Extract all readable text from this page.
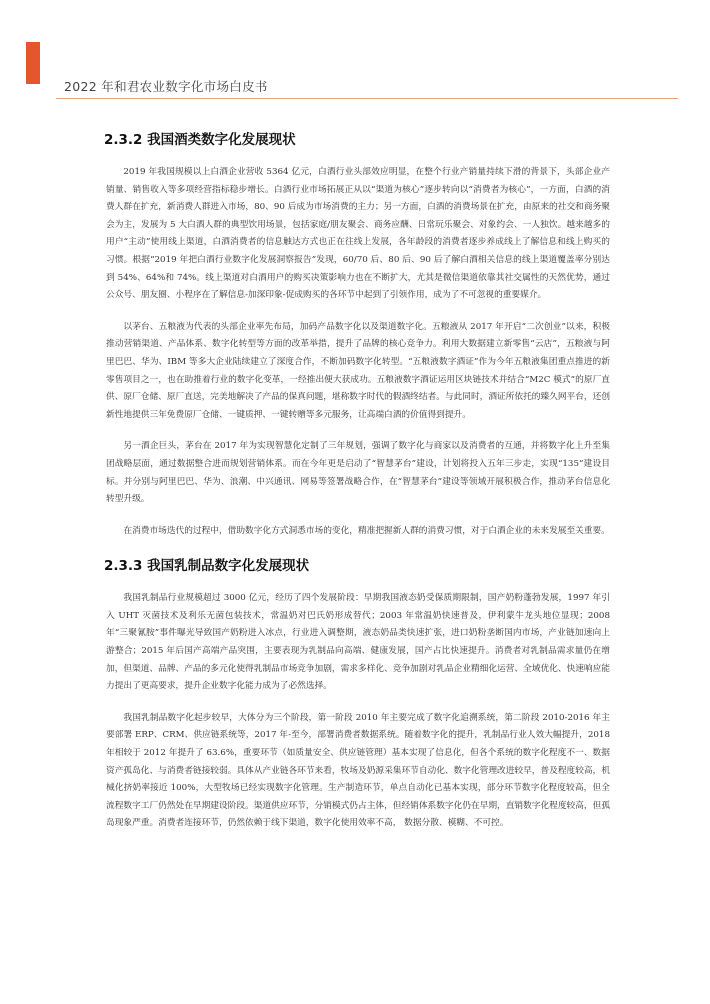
2022 年和君农业数字化市场白皮书
2.3.2 我国酒类数字化发展现状

2019 年我国规模以上白酒企业营收 5364 亿元，白酒行业头部效应明显，在整个行业产销量持续下滑的背景下，头部企业产销量、销售收入等多项经营指标稳步增长。白酒行业市场拓展正从以“渠道为核心”逐步转向以“消费者为核心”，一方面，白酒的消费人群在扩充，新消费人群进入市场，80、90 后成为市场消费的主力；另一方面，白酒的消费场景在扩充，由原来的社交和商务聚会为主，发展为 5 大白酒人群的典型饮用场景，包括家庭/朋友聚会、商务应酬、日常玩乐聚会、对象约会、一人独饮。越来越多的用户“主动”使用线上渠道，白酒消费者的信息触达方式也正在往线上发展，各年龄段的消费者逐步养成线上了解信息和线上购买的习惯。根据“2019 年把白酒行业数字化发展洞察报告”发现，60/70 后、80 后、90 后了解白酒相关信息的线上渠道覆盖率分别达到 54%、64%和 74%。线上渠道对白酒用户的购买决策影响力也在不断扩大，尤其是微信渠道依靠其社交属性的天然优势，通过公众号、朋友圈、小程序在了解信息-加深印象-促成购买的各环节中起到了引领作用，成为了不可忽视的重要媒介。

以茅台、五粮液为代表的头部企业率先布局，加码产品数字化以及渠道数字化。五粮液从 2017 年开启“二次创业”以来，积极推动营销渠道、产品体系、数字化转型等方面的改革举措，提升了品牌的核心竞争力。利用大数据建立新零售“云店”，五粮液与阿里巴巴、华为、IBM 等多大企业陆续建立了深度合作，不断加码数字化转型。“五粮液数字酒证”作为今年五粮液集团重点推进的新零售项目之一，也在助推着行业的数字化变革，一经推出便大获成功。五粮液数字酒证运用区块链技术并结合“M2C 模式”的原厂直供、原厂仓储、原厂直送，完美地解决了产品的保真问题，堪称数字时代的假酒终结者。与此同时，酒证所依托的臻久网平台，还创新性地提供三年免费原厂仓储、一键质押、一键转赠等多元服务，让高端白酒的价值得到提升。

另一酒企巨头，茅台在 2017 年为实现智慧化定制了三年规划，强调了数字化与商家以及消费者的互通，并将数字化上升至集团战略层面，通过数据整合进而规划营销体系。而在今年更是启动了“智慧茅台”建设，计划将投入五年三步走，实现“135”建设目标。并分别与阿里巴巴、华为、浪潮、中兴通讯、网易等签署战略合作，在“智慧茅台”建设等领域开展积极合作，推动茅台信息化转型升级。

在消费市场迭代的过程中，借助数字化方式洞悉市场的变化，精准把握新人群的消费习惯，对于白酒企业的未来发展至关重要。

2.3.3 我国乳制品数字化发展现状

我国乳制品行业规模超过 3000 亿元，经历了四个发展阶段：早期我国液态奶受保质期限制，国产奶粉蓬勃发展，1997 年引入 UHT 灭菌技术及利乐无菌包装技术，常温奶对巴氏奶形成替代；2003 年常温奶快速普及，伊利蒙牛龙头地位显现；2008 年“三聚氰胺”事件曝光导致国产奶粉进入冰点，行业进入调整期，液态奶品类快速扩张，进口奶粉垄断国内市场，产业链加速向上游整合；2015 年后国产高端产品突围，主要表现为乳制品向高端、健康发展，国产占比快速提升。消费者对乳制品需求量仍在增加，但渠道、品牌、产品的多元化使得乳制品市场竞争加剧，需求多样化、竞争加剧对乳品企业精细化运营、全域优化、快速响应能力提出了更高要求，提升企业数字化能力成为了必然选择。

我国乳制品数字化起步较早，大体分为三个阶段，第一阶段 2010 年主要完成了数字化追溯系统，第二阶段 2010-2016 年主要部署 ERP、CRM、供应链系统等，2017 年-至今，部署消费者数据系统。随着数字化的提升，乳制品行业人效大幅提升，2018 年相较于 2012 年提升了 63.6%，重要环节（如质量安全、供应链管理）基本实现了信息化，但各个系统的数字化程度不一、数据资产孤岛化、与消费者链接较弱。具体从产业链各环节来看，牧场及奶源采集环节自动化、数字化管理改进较早，普及程度较高，机械化挤奶率接近 100%，大型牧场已经实现数字化管理。生产制造环节，单点自动化已基本实现，部分环节数字化程度较高，但全流程数字工厂仍然处在早期建设阶段。渠道供应环节，分销模式仍占主体，但经销体系数字化仍在早期，直销数字化程度较高，但孤岛现象严重。消费者连接环节，仍然依赖于线下渠道，数字化使用效率不高， 数据分散、模糊、不可控。
